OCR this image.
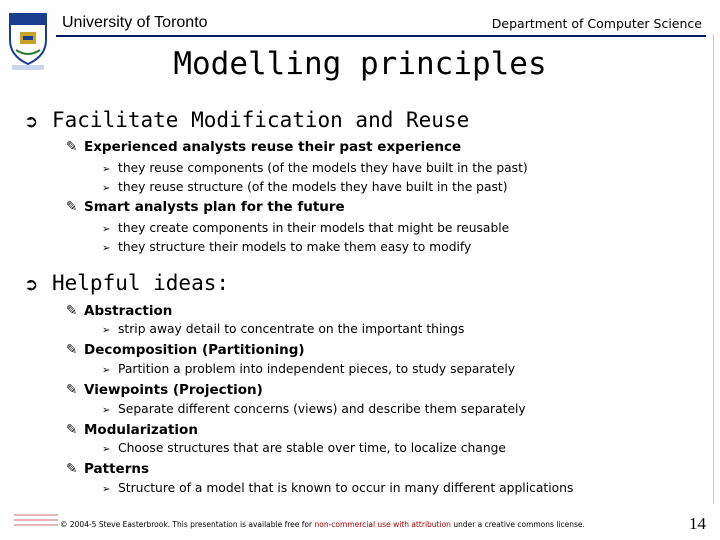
University of Toronto	Department of Computer Science
Modelling principles
➲ Facilitate Modification and Reuse
✎ Experienced analysts reuse their past experience
➢ they reuse components (of the models they have built in the past)
➢ they reuse structure (of the models they have built in the past)
✎ Smart analysts plan for the future
➢ they create components in their models that might be reusable
➢ they structure their models to make them easy to modify
➲ Helpful ideas:
✎ Abstraction
➢ strip away detail to concentrate on the important things
✎ Decomposition (Partitioning)
➢ Partition a problem into independent pieces, to study separately
✎ Viewpoints (Projection)
➢ Separate different concerns (views) and describe them separately
✎ Modularization
➢ Choose structures that are stable over time, to localize change
✎ Patterns
➢ Structure of a model that is known to occur in many different applications
© 2004-5 Steve Easterbrook. This presentation is available free for non-commercial use with attribution under a creative commons license.	14
